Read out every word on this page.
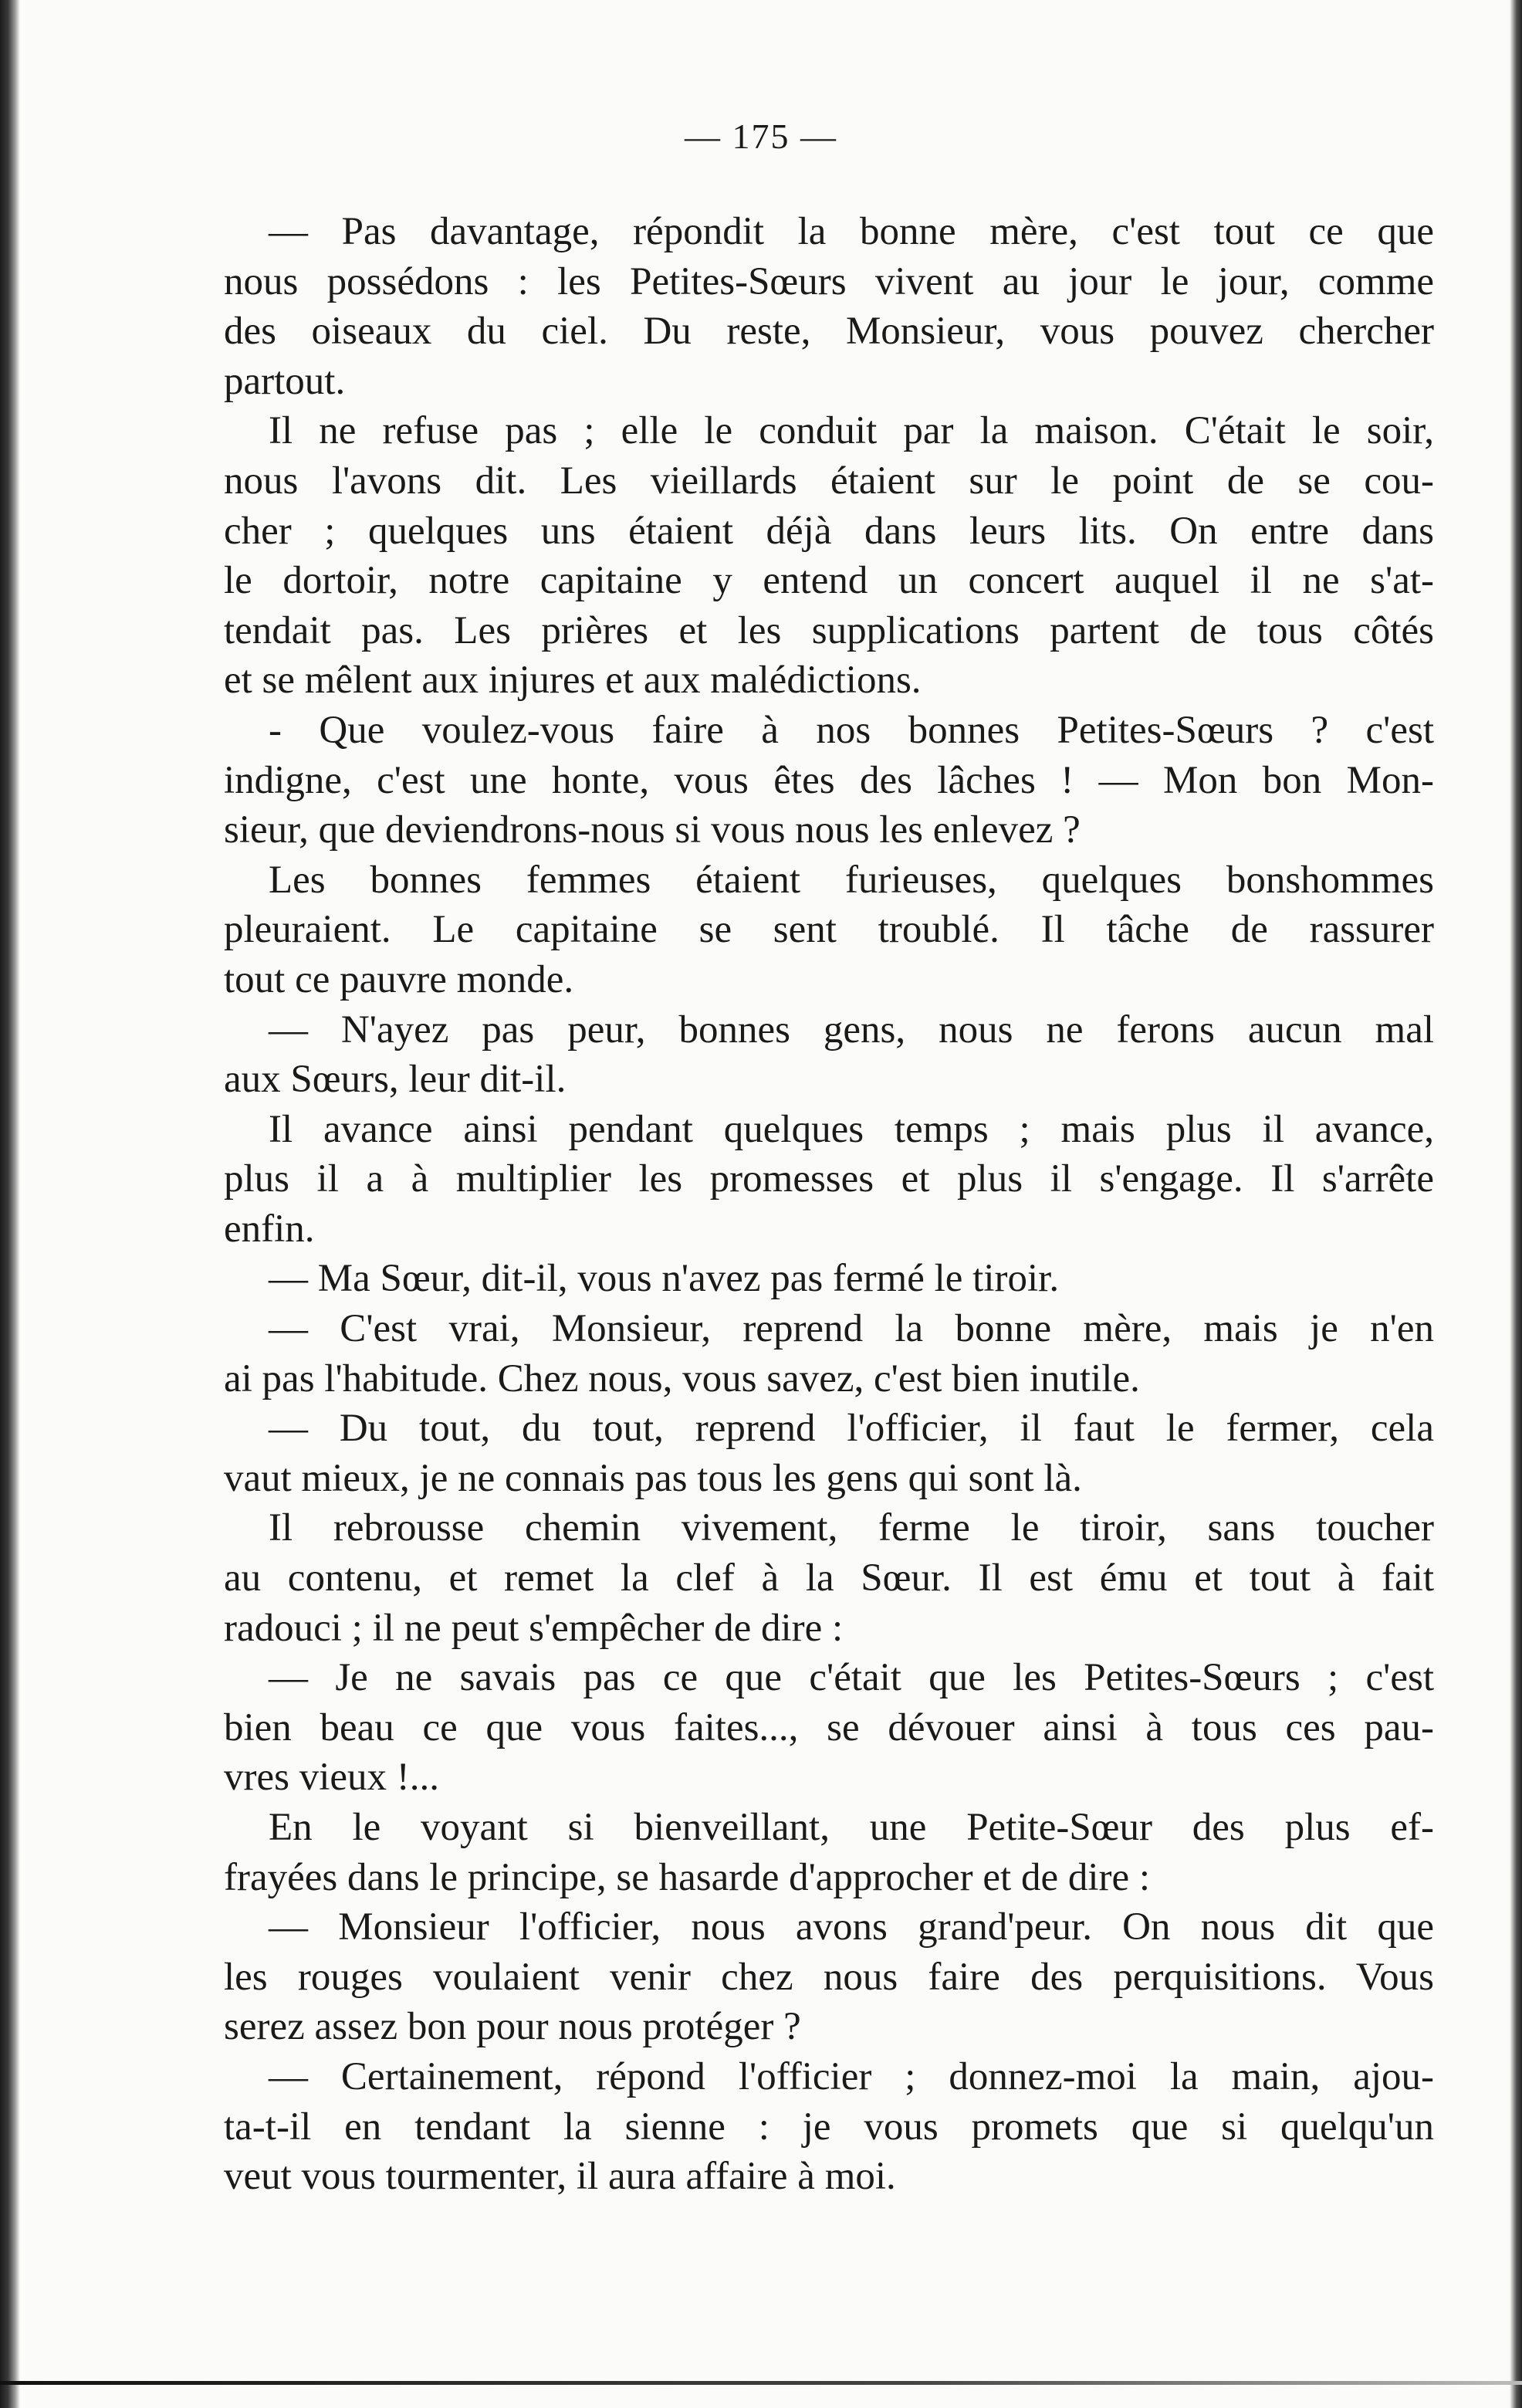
— 175 —
— Pas davantage, répondit la bonne mère, c'est tout ce que
nous possédons : les Petites-Sœurs vivent au jour le jour, comme
des oiseaux du ciel. Du reste, Monsieur, vous pouvez chercher
partout.
Il ne refuse pas ; elle le conduit par la maison. C'était le soir,
nous l'avons dit. Les vieillards étaient sur le point de se cou-
cher ; quelques uns étaient déjà dans leurs lits. On entre dans
le dortoir, notre capitaine y entend un concert auquel il ne s'at-
tendait pas. Les prières et les supplications partent de tous côtés
et se mêlent aux injures et aux malédictions.
- Que voulez-vous faire à nos bonnes Petites-Sœurs ? c'est
indigne, c'est une honte, vous êtes des lâches ! — Mon bon Mon-
sieur, que deviendrons-nous si vous nous les enlevez ?
Les bonnes femmes étaient furieuses, quelques bonshommes
pleuraient. Le capitaine se sent troublé. Il tâche de rassurer
tout ce pauvre monde.
— N'ayez pas peur, bonnes gens, nous ne ferons aucun mal
aux Sœurs, leur dit-il.
Il avance ainsi pendant quelques temps ; mais plus il avance,
plus il a à multiplier les promesses et plus il s'engage. Il s'arrête
enfin.
— Ma Sœur, dit-il, vous n'avez pas fermé le tiroir.
— C'est vrai, Monsieur, reprend la bonne mère, mais je n'en
ai pas l'habitude. Chez nous, vous savez, c'est bien inutile.
— Du tout, du tout, reprend l'officier, il faut le fermer, cela
vaut mieux, je ne connais pas tous les gens qui sont là.
Il rebrousse chemin vivement, ferme le tiroir, sans toucher
au contenu, et remet la clef à la Sœur. Il est ému et tout à fait
radouci ; il ne peut s'empêcher de dire :
— Je ne savais pas ce que c'était que les Petites-Sœurs ; c'est
bien beau ce que vous faites..., se dévouer ainsi à tous ces pau-
vres vieux !...
En le voyant si bienveillant, une Petite-Sœur des plus ef-
frayées dans le principe, se hasarde d'approcher et de dire :
— Monsieur l'officier, nous avons grand'peur. On nous dit que
les rouges voulaient venir chez nous faire des perquisitions. Vous
serez assez bon pour nous protéger ?
— Certainement, répond l'officier ; donnez-moi la main, ajou-
ta-t-il en tendant la sienne : je vous promets que si quelqu'un
veut vous tourmenter, il aura affaire à moi.
